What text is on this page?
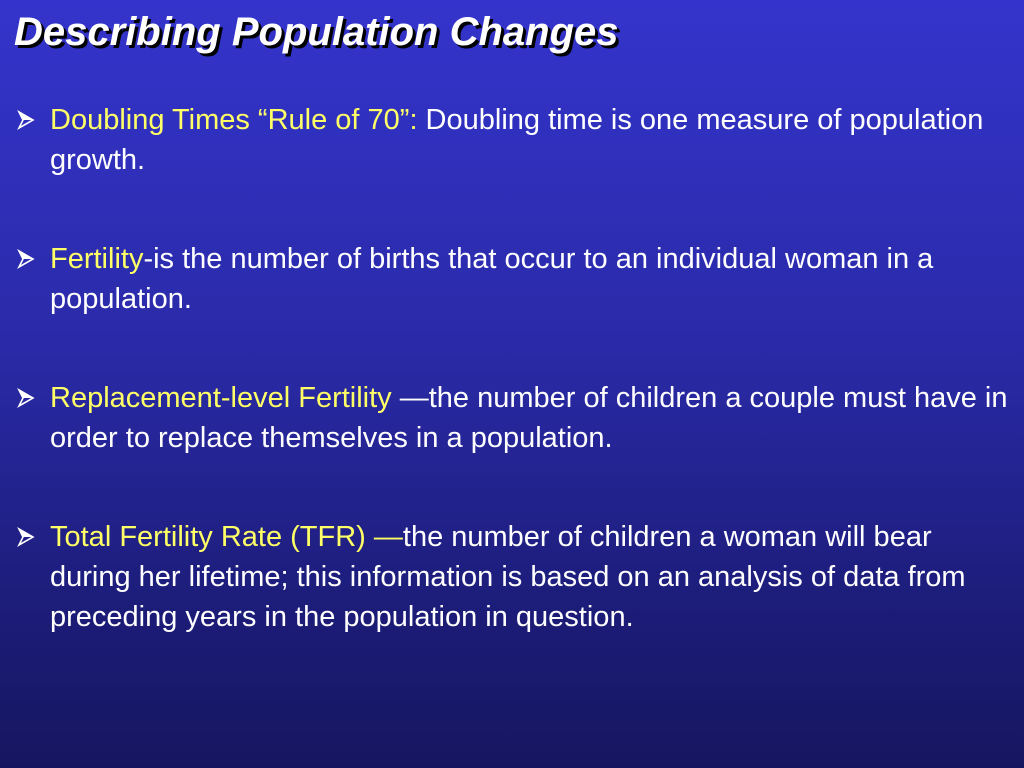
Describing Population Changes
Doubling Times “Rule of 70”: Doubling time is one measure of population growth.
Fertility-is the number of births that occur to an individual woman in a population.
Replacement-level Fertility —the number of children a couple must have in order to replace themselves in a population.
Total Fertility Rate (TFR) —the number of children a woman will bear during her lifetime; this information is based on an analysis of data from preceding years in the population in question.
